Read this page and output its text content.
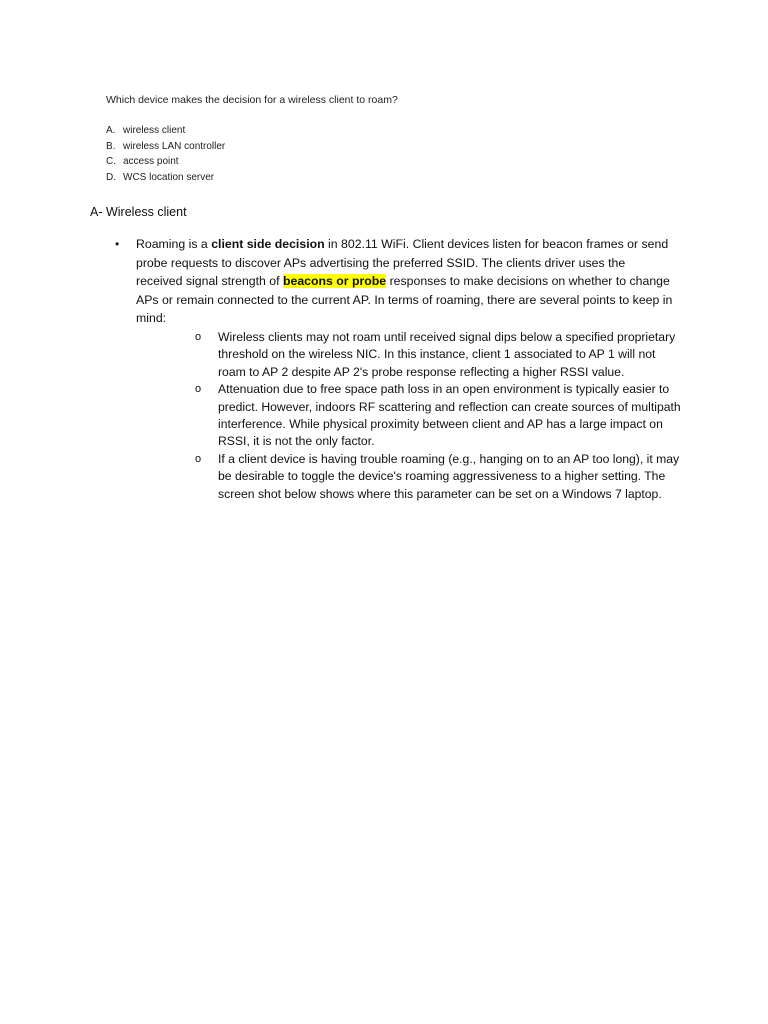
Which device makes the decision for a wireless client to roam?
A. wireless client
B. wireless LAN controller
C. access point
D. WCS location server
A- Wireless client
• Roaming is a client side decision in 802.11 WiFi. Client devices listen for beacon frames or send probe requests to discover APs advertising the preferred SSID. The clients driver uses the received signal strength of beacons or probe responses to make decisions on whether to change APs or remain connected to the current AP. In terms of roaming, there are several points to keep in mind:
o Wireless clients may not roam until received signal dips below a specified proprietary threshold on the wireless NIC. In this instance, client 1 associated to AP 1 will not roam to AP 2 despite AP 2's probe response reflecting a higher RSSI value.
o Attenuation due to free space path loss in an open environment is typically easier to predict. However, indoors RF scattering and reflection can create sources of multipath interference. While physical proximity between client and AP has a large impact on RSSI, it is not the only factor.
o If a client device is having trouble roaming (e.g., hanging on to an AP too long), it may be desirable to toggle the device's roaming aggressiveness to a higher setting. The screen shot below shows where this parameter can be set on a Windows 7 laptop.
